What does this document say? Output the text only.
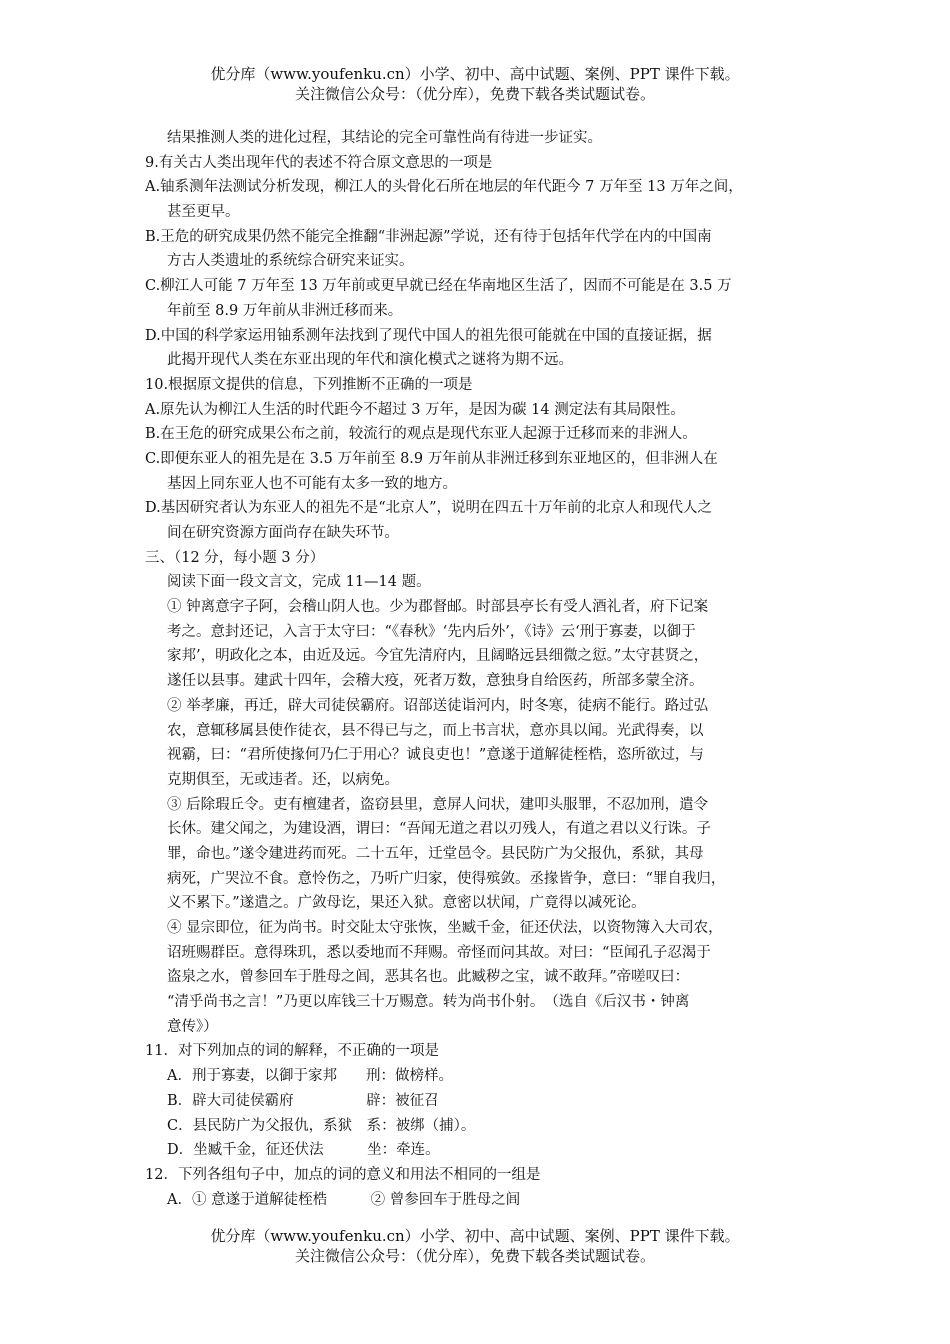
优分库（www.youfenku.cn）小学、初中、高中试题、案例、PPT 课件下载。
关注微信公众号：（优分库），免费下载各类试题试卷。
结果推测人类的进化过程，其结论的完全可靠性尚有待进一步证实。
9.有关古人类出现年代的表述不符合原文意思的一项是
A.铀系测年法测试分析发现，柳江人的头骨化石所在地层的年代距今 7 万年至 13 万年之间，
甚至更早。
B.王危的研究成果仍然不能完全推翻“非洲起源”学说，还有待于包括年代学在内的中国南
方古人类遗址的系统综合研究来证实。
C.柳江人可能 7 万年至 13 万年前或更早就已经在华南地区生活了，因而不可能是在 3.5 万
年前至 8.9 万年前从非洲迁移而来。
D.中国的科学家运用铀系测年法找到了现代中国人的祖先很可能就在中国的直接证据，据
此揭开现代人类在东亚出现的年代和演化模式之谜将为期不远。
10.根据原文提供的信息，下列推断不正确的一项是
A.原先认为柳江人生活的时代距今不超过 3 万年，是因为碳 14 测定法有其局限性。
B.在王危的研究成果公布之前，较流行的观点是现代东亚人起源于迁移而来的非洲人。
C.即便东亚人的祖先是在 3.5 万年前至 8.9 万年前从非洲迁移到东亚地区的，但非洲人在
基因上同东亚人也不可能有太多一致的地方。
D.基因研究者认为东亚人的祖先不是“北京人”，说明在四五十万年前的北京人和现代人之
间在研究资源方面尚存在缺失环节。
三、（12 分，每小题 3 分）
阅读下面一段文言文，完成 11—14 题。
① 钟离意字子阿，会稽山阴人也。少为郡督邮。时部县亭长有受人酒礼者，府下记案
考之。意封还记，入言于太守曰：“《春秋》‘先内后外’，《诗》云‘刑于寡妻，以御于
家邦’，明政化之本，由近及远。今宜先清府内，且阔略远县细微之愆。”太守甚贤之，
遂任以县事。建武十四年，会稽大疫，死者万数，意独身自给医药，所部多蒙全济。
② 举孝廉，再迁，辟大司徒侯霸府。诏部送徒诣河内，时冬寒，徒病不能行。路过弘
农，意辄移属县使作徒衣，县不得已与之，而上书言状，意亦具以闻。光武得奏，以
视霸，曰：“君所使掾何乃仁于用心？诚良吏也！”意遂于道解徒桎梏，恣所欲过，与
克期俱至，无或违者。还，以病免。
③ 后除瑕丘令。吏有檀建者，盗窃县里，意屏人问状，建叩头服罪，不忍加刑，遣令
长休。建父闻之，为建设酒，谓曰：“吾闻无道之君以刃残人，有道之君以义行诛。子
罪，命也。”遂令建进药而死。二十五年，迁堂邑令。县民防广为父报仇，系狱，其母
病死，广哭泣不食。意怜伤之，乃听广归家，使得殡敛。丞掾皆争，意曰：“罪自我归，
义不累下。”遂遣之。广敛母讫，果还入狱。意密以状闻，广竟得以减死论。
④ 显宗即位，征为尚书。时交阯太守张恢，坐臧千金，征还伏法，以资物簿入大司农，
诏班赐群臣。意得珠玑，悉以委地而不拜赐。帝怪而问其故。对曰：“臣闻孔子忍渴于
盗泉之水，曾参回车于胜母之闾，恶其名也。此臧秽之宝，诚不敢拜。”帝嗟叹曰：
“清乎尚书之言！”乃更以库钱三十万赐意。转为尚书仆射。　（选自《后汉书・钟离
意传》）
11．对下列加点的词的解释，不正确的一项是
A．刑于寡妻，以御于家邦　　刑：做榜样。
B．辟大司徒侯霸府　　　　　辟：被征召
C．县民防广为父报仇，系狱　系：被绑（捕）。
D．坐臧千金，征还伏法　　　坐：牵连。
12．下列各组句子中，加点的词的意义和用法不相同的一组是
A．① 意遂于道解徒桎梏　　　② 曾参回车于胜母之闾
优分库（www.youfenku.cn）小学、初中、高中试题、案例、PPT 课件下载。
关注微信公众号：（优分库），免费下载各类试题试卷。
